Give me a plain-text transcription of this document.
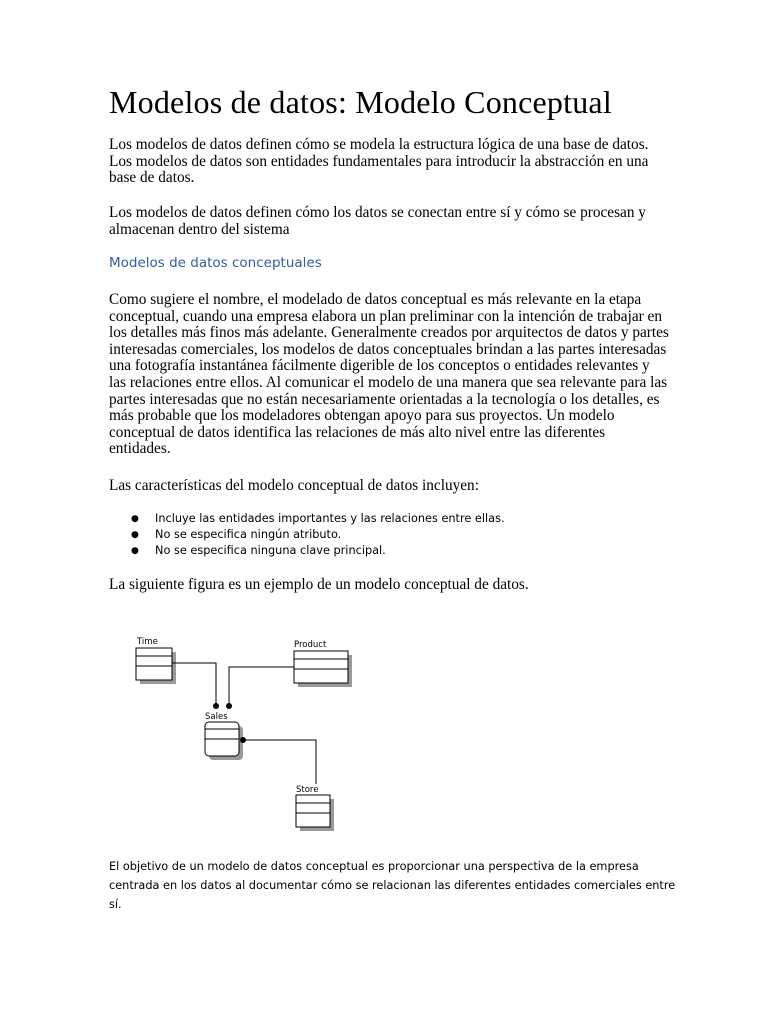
Modelos de datos: Modelo Conceptual

Los modelos de datos definen cómo se modela la estructura lógica de una base de datos. Los modelos de datos son entidades fundamentales para introducir la abstracción en una base de datos.

Los modelos de datos definen cómo los datos se conectan entre sí y cómo se procesan y almacenan dentro del sistema

Modelos de datos conceptuales

Como sugiere el nombre, el modelado de datos conceptual es más relevante en la etapa conceptual, cuando una empresa elabora un plan preliminar con la intención de trabajar en los detalles más finos más adelante. Generalmente creados por arquitectos de datos y partes interesadas comerciales, los modelos de datos conceptuales brindan a las partes interesadas una fotografía instantánea fácilmente digerible de los conceptos o entidades relevantes y las relaciones entre ellos. Al comunicar el modelo de una manera que sea relevante para las partes interesadas que no están necesariamente orientadas a la tecnología o los detalles, es más probable que los modeladores obtengan apoyo para sus proyectos. Un modelo conceptual de datos identifica las relaciones de más alto nivel entre las diferentes entidades.

Las características del modelo conceptual de datos incluyen:

● Incluye las entidades importantes y las relaciones entre ellas.
● No se especifica ningún atributo.
● No se especifica ninguna clave principal.

La siguiente figura es un ejemplo de un modelo conceptual de datos.

Time	Product
Sales
Store

El objetivo de un modelo de datos conceptual es proporcionar una perspectiva de la empresa centrada en los datos al documentar cómo se relacionan las diferentes entidades comerciales entre sí.
